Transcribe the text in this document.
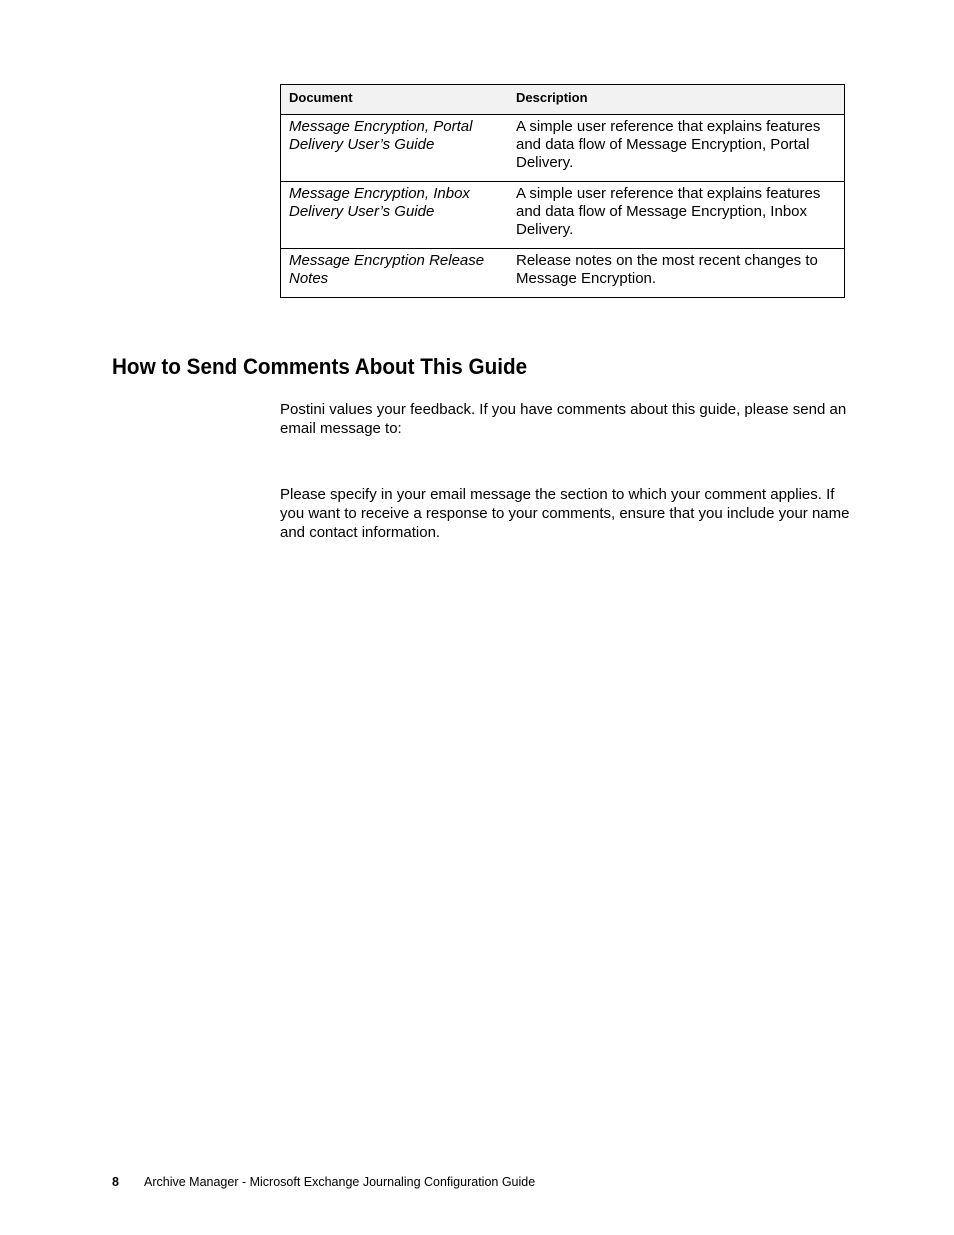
Document	Description
Message Encryption, Portal Delivery User’s Guide	A simple user reference that explains features and data flow of Message Encryption, Portal Delivery.
Message Encryption, Inbox Delivery User’s Guide	A simple user reference that explains features and data flow of Message Encryption, Inbox Delivery.
Message Encryption Release Notes	Release notes on the most recent changes to Message Encryption.
How to Send Comments About This Guide

Postini values your feedback. If you have comments about this guide, please send an email message to:

Please specify in your email message the section to which your comment applies. If you want to receive a response to your comments, ensure that you include your name and contact information.

8 Archive Manager - Microsoft Exchange Journaling Configuration Guide
